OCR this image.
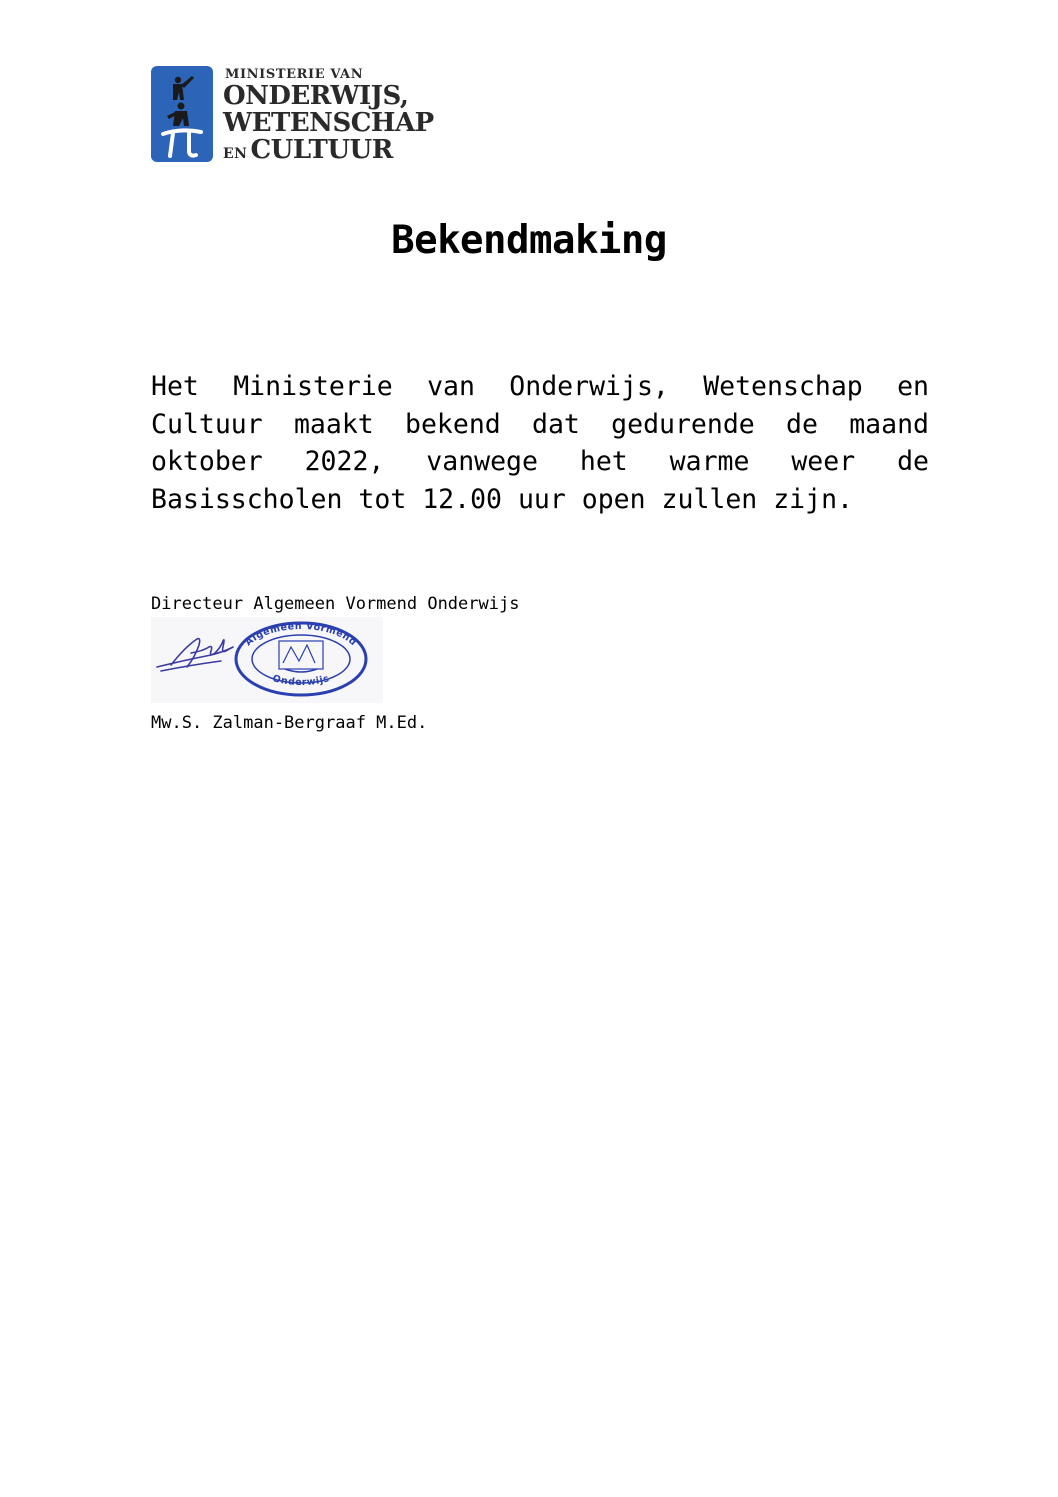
MINISTERIE VAN
ONDERWIJS,
WETENSCHAP
EN CULTUUR
Bekendmaking
Het Ministerie van Onderwijs, Wetenschap en Cultuur maakt bekend dat gedurende de maand oktober 2022, vanwege het warme weer de Basisscholen tot 12.00 uur open zullen zijn.
Directeur Algemeen Vormend Onderwijs
Algemeen Vormend
Onderwijs
Mw.S. Zalman-Bergraaf M.Ed.
